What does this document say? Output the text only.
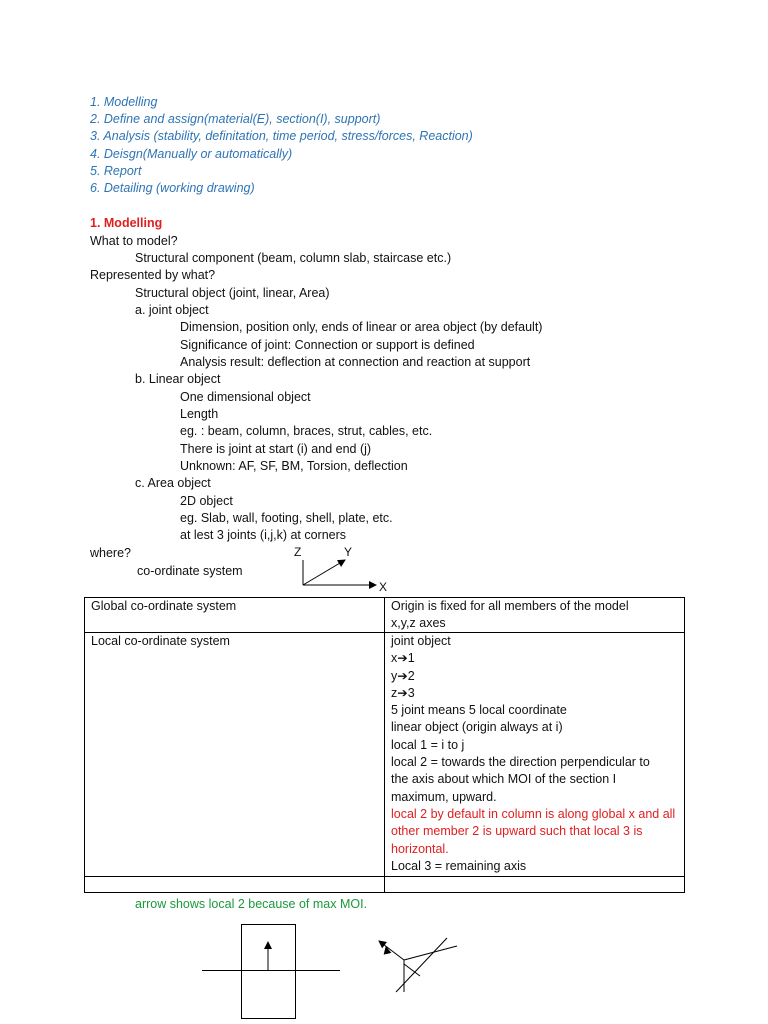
1. Modelling
2. Define and assign(material(E), section(I), support)
3. Analysis (stability, definitation, time period, stress/forces, Reaction)
4. Deisgn(Manually or automatically)
5. Report
6. Detailing (working drawing)
1. Modelling
What to model?
Structural component (beam, column slab, staircase etc.)
Represented by what?
Structural object (joint, linear, Area)
a. joint object
Dimension, position only, ends of linear or area object (by default)
Significance of joint: Connection or support is defined
Analysis result: deflection at connection and reaction at support
b. Linear object
One dimensional object
Length
eg. : beam, column, braces, strut, cables, etc.
There is joint at start (i) and end (j)
Unknown: AF, SF, BM, Torsion, deflection
c. Area object
2D object
eg. Slab, wall, footing, shell, plate, etc.
at lest 3 joints (i,j,k) at corners
where?
co-ordinate system
Z	Y
X
Global co-ordinate system	Origin is fixed for all members of the model
x,y,z axes
Local co-ordinate system	joint object
x➔1
y➔2
z➔3
5 joint means 5 local coordinate
linear object (origin always at i)
local 1 = i to j
local 2 = towards the direction perpendicular to
the axis about which MOI of the section I
maximum, upward.
local 2 by default in column is along global x and all
other member 2 is upward such that local 3 is
horizontal.
Local 3 = remaining axis
arrow shows local 2 because of max MOI.
